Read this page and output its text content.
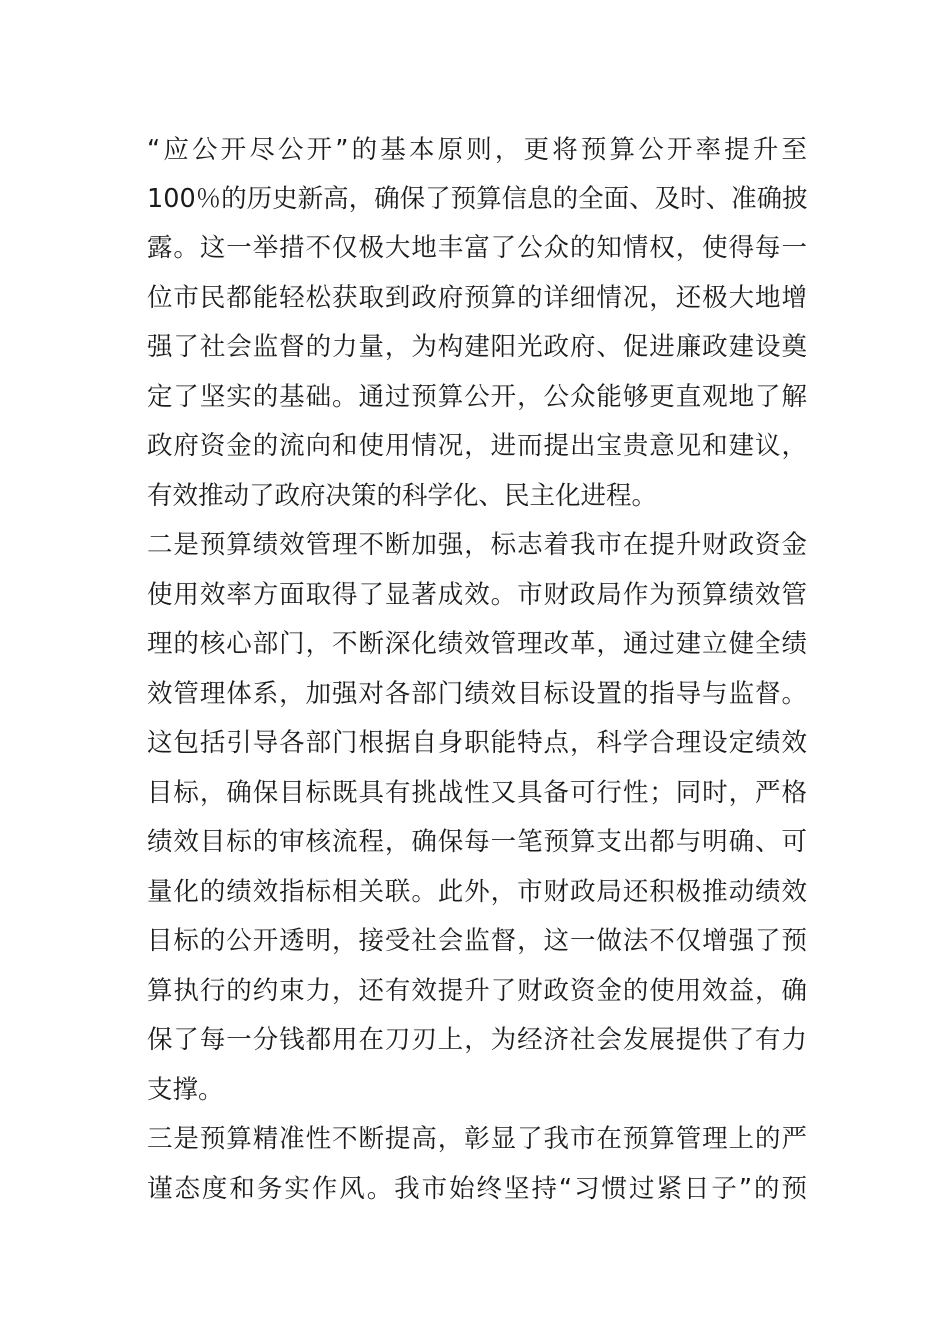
“应公开尽公开”的基本原则，更将预算公开率提升至
100％的历史新高，确保了预算信息的全面、及时、准确披
露。这一举措不仅极大地丰富了公众的知情权，使得每一
位市民都能轻松获取到政府预算的详细情况，还极大地增
强了社会监督的力量，为构建阳光政府、促进廉政建设奠
定了坚实的基础。通过预算公开，公众能够更直观地了解
政府资金的流向和使用情况，进而提出宝贵意见和建议，
有效推动了政府决策的科学化、民主化进程。
二是预算绩效管理不断加强，标志着我市在提升财政资金
使用效率方面取得了显著成效。市财政局作为预算绩效管
理的核心部门，不断深化绩效管理改革，通过建立健全绩
效管理体系，加强对各部门绩效目标设置的指导与监督。
这包括引导各部门根据自身职能特点，科学合理设定绩效
目标，确保目标既具有挑战性又具备可行性；同时，严格
绩效目标的审核流程，确保每一笔预算支出都与明确、可
量化的绩效指标相关联。此外，市财政局还积极推动绩效
目标的公开透明，接受社会监督，这一做法不仅增强了预
算执行的约束力，还有效提升了财政资金的使用效益，确
保了每一分钱都用在刀刃上，为经济社会发展提供了有力
支撑。
三是预算精准性不断提高，彰显了我市在预算管理上的严
谨态度和务实作风。我市始终坚持“习惯过紧日子”的预
